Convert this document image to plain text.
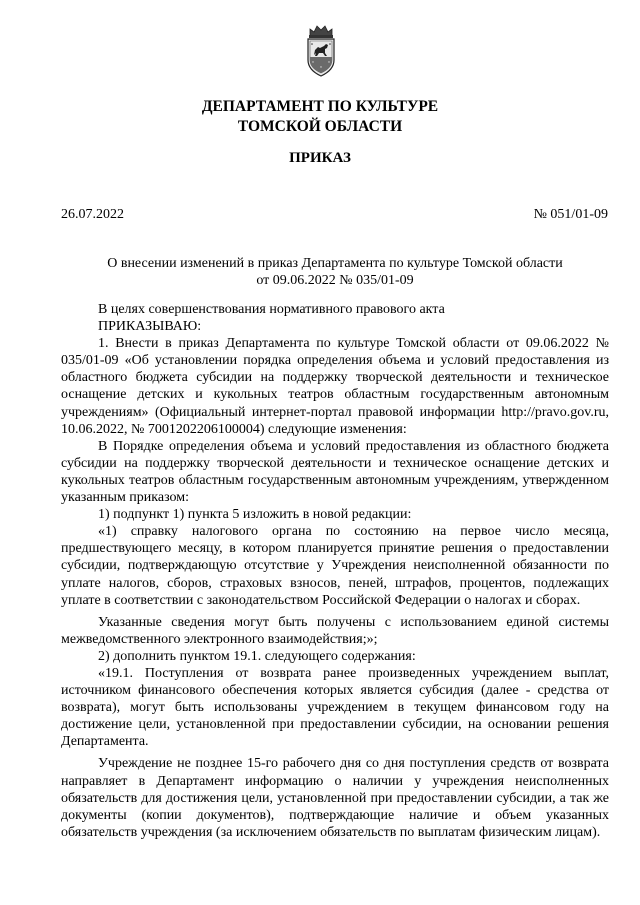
ДЕПАРТАМЕНТ ПО КУЛЬТУРЕ
ТОМСКОЙ ОБЛАСТИ
ПРИКАЗ
26.07.2022	№ 051/01-09
О внесении изменений в приказ Департамента по культуре Томской области
от 09.06.2022 № 035/01-09

В целях совершенствования нормативного правового акта

ПРИКАЗЫВАЮ:

1. Внести в приказ Департамента по культуре Томской области от 09.06.2022 № 035/01-09 «Об установлении порядка определения объема и условий предоставления из областного бюджета субсидии на поддержку творческой деятельности и техническое оснащение детских и кукольных театров областным государственным автономным учреждениям» (Официальный интернет-портал правовой информации http://pravo.gov.ru, 10.06.2022, № 7001202206100004) следующие изменения:

В Порядке определения объема и условий предоставления из областного бюджета субсидии на поддержку творческой деятельности и техническое оснащение детских и кукольных театров областным государственным автономным учреждениям, утвержденном указанным приказом:

1) подпункт 1) пункта 5 изложить в новой редакции:

«1) справку налогового органа по состоянию на первое число месяца, предшествующего месяцу, в котором планируется принятие решения о предоставлении субсидии, подтверждающую отсутствие у Учреждения неисполненной обязанности по уплате налогов, сборов, страховых взносов, пеней, штрафов, процентов, подлежащих уплате в соответствии с законодательством Российской Федерации о налогах и сборах.

Указанные сведения могут быть получены с использованием единой системы межведомственного электронного взаимодействия;»;

2) дополнить пунктом 19.1. следующего содержания:

«19.1. Поступления от возврата ранее произведенных учреждением выплат, источником финансового обеспечения которых является субсидия (далее - средства от возврата), могут быть использованы учреждением в текущем финансовом году на достижение цели, установленной при предоставлении субсидии, на основании решения Департамента.

Учреждение не позднее 15-го рабочего дня со дня поступления средств от возврата направляет в Департамент информацию о наличии у учреждения неисполненных обязательств для достижения цели, установленной при предоставлении субсидии, а так же документы (копии документов), подтверждающие наличие и объем указанных обязательств учреждения (за исключением обязательств по выплатам физическим лицам).
